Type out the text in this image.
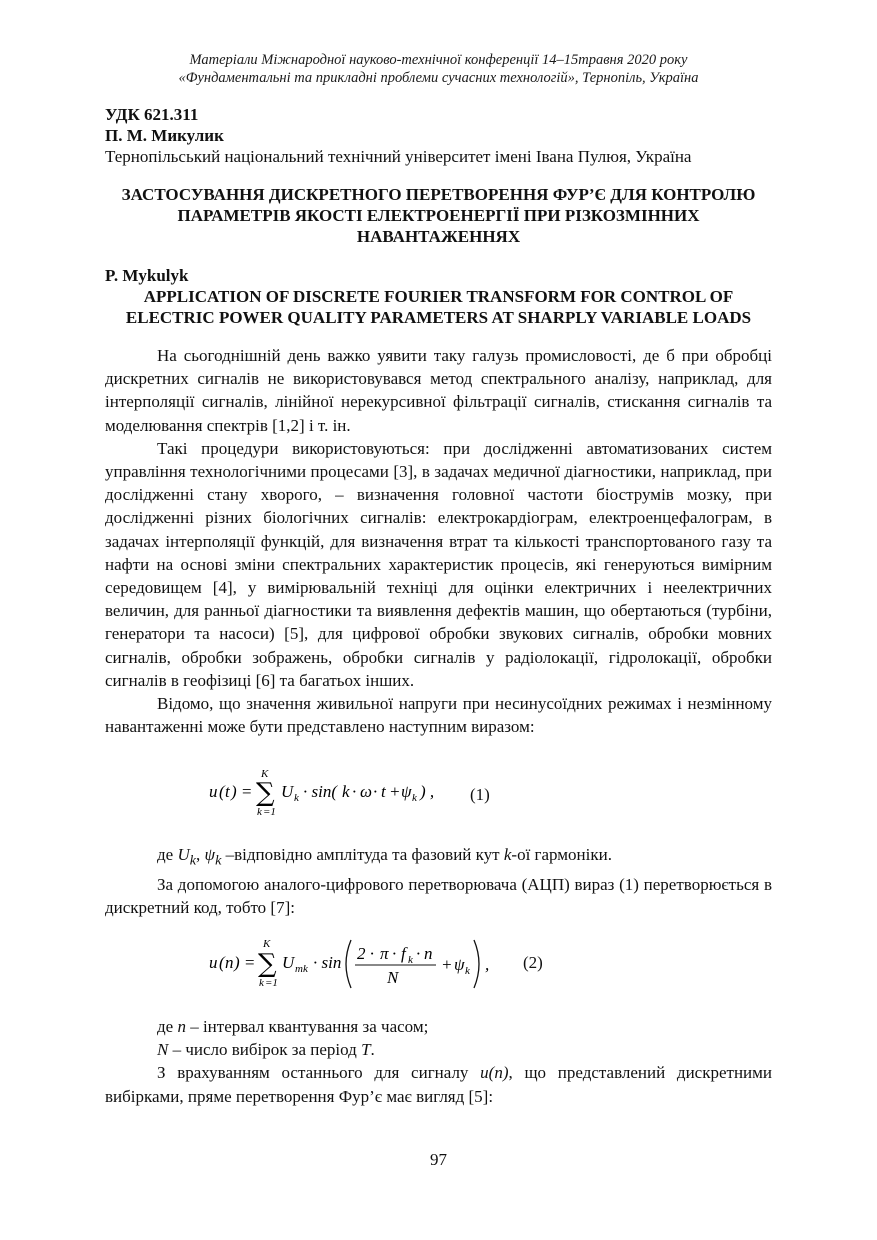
Матеріали Міжнародної науково-технічної конференції 14–15травня 2020 року
«Фундаментальні та прикладні проблеми сучасних технологій», Тернопіль, Україна
УДК 621.311
П. М. Микулик
Тернопільський національний технічний університет імені Івана Пулюя, Україна
ЗАСТОСУВАННЯ ДИСКРЕТНОГО ПЕРЕТВОРЕННЯ ФУР’Є ДЛЯ КОНТРОЛЮ ПАРАМЕТРІВ ЯКОСТІ ЕЛЕКТРОЕНЕРГІЇ ПРИ РІЗКОЗМІННИХ НАВАНТАЖЕННЯХ
P. Mykulyk
APPLICATION OF DISCRETE FOURIER TRANSFORM FOR CONTROL OF ELECTRIC POWER QUALITY PARAMETERS AT SHARPLY VARIABLE LOADS

На сьогоднішній день важко уявити таку галузь промисловості, де б при обробці дискретних сигналів не використовувався метод спектрального аналізу, наприклад, для інтерполяції сигналів, лінійної нерекурсивної фільтрації сигналів, стискання сигналів та моделювання спектрів [1,2] і т. ін.

Такі процедури використовуються: при дослідженні автоматизованих систем управління технологічними процесами [3], в задачах медичної діагностики, наприклад, при дослідженні стану хворого, – визначення головної частоти біострумів мозку, при дослідженні різних біологічних сигналів: електрокардіограм, електроенцефалограм, в задачах інтерполяції функцій, для визначення втрат та кількості транспортованого газу та нафти на основі зміни спектральних характеристик процесів, які генеруються вимірним середовищем [4], у вимірювальній техніці для оцінки електричних і неелектричних величин, для ранньої діагностики та виявлення дефектів машин, що обертаються (турбіни, генератори та насоси) [5], для цифрової обробки звукових сигналів, обробки мовних сигналів, обробки зображень, обробки сигналів у радіолокації, гідролокації, обробки сигналів в геофізиці [6] та багатьох інших.

Відомо, що значення живильної напруги при несинусоїдних режимах і незмінному навантаженні може бути представлено наступним виразом:

u ( t ) = ∑
K
k =1
U k · sin( k · ω · t + ψ k ) , (1)

де $U_k$, $\psi_k$ –відповідно амплітуда та фазовий кут k-ої гармоніки.

За допомогою аналого-цифрового перетворювача (АЦП) вираз (1) перетворюється в дискретний код, тобто [7]:

u ( n ) = ∑
K
k =1
U mk · sin 2 · π · f k · n
N
+ ψ k , (2)

де n – інтервал квантування за часом;

N – число вибірок за період T.

З врахуванням останнього для сигналу u(n), що представлений дискретними вибірками, пряме перетворення Фур’є має вигляд [5]:

97
